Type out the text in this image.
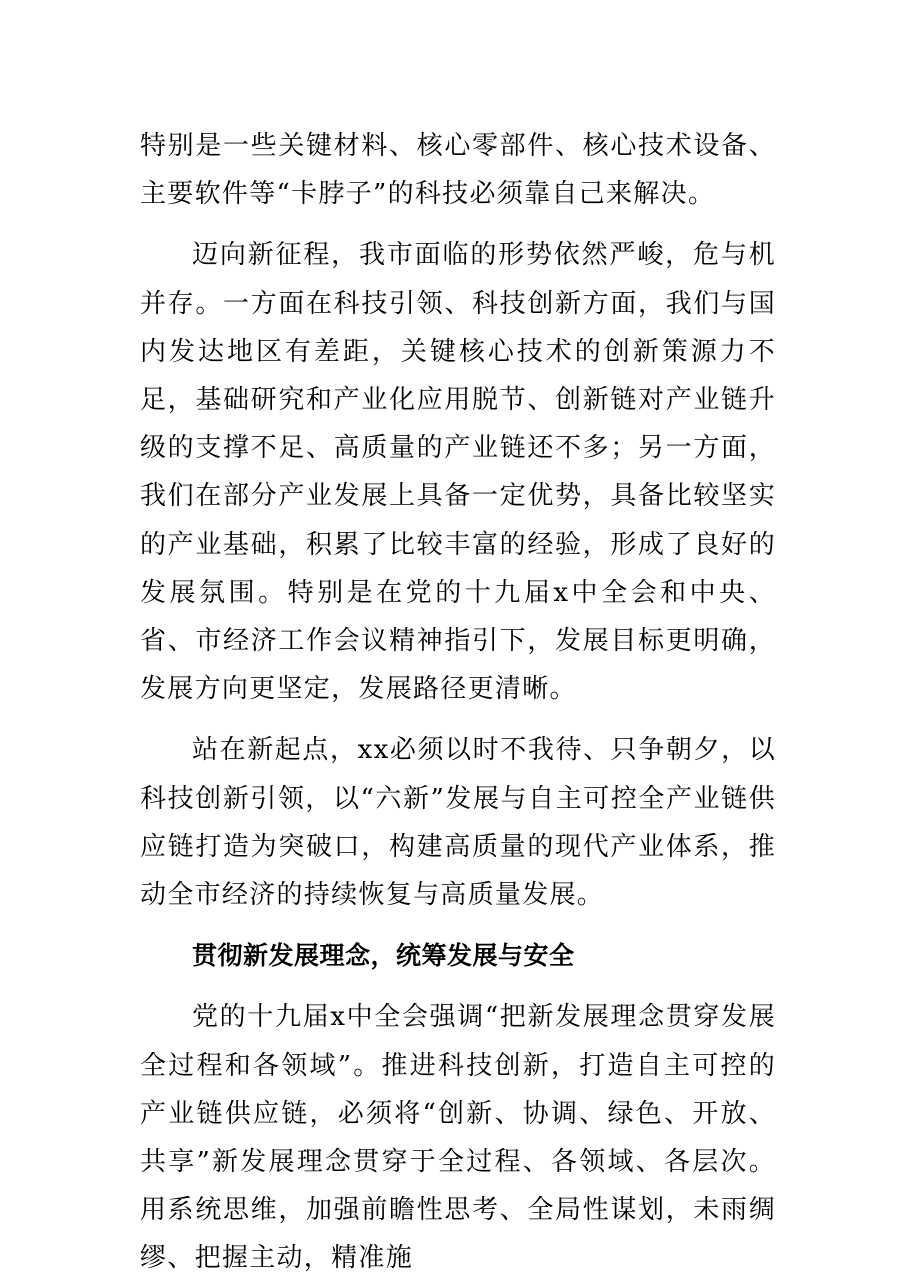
特别是一些关键材料、核心零部件、核心技术设备、主要软件等“卡脖子”的科技必须靠自己来解决。

迈向新征程，我市面临的形势依然严峻，危与机并存。一方面在科技引领、科技创新方面，我们与国内发达地区有差距，关键核心技术的创新策源力不足，基础研究和产业化应用脱节、创新链对产业链升级的支撑不足、高质量的产业链还不多；另一方面，我们在部分产业发展上具备一定优势，具备比较坚实的产业基础，积累了比较丰富的经验，形成了良好的发展氛围。特别是在党的十九届x中全会和中央、省、市经济工作会议精神指引下，发展目标更明确，发展方向更坚定，发展路径更清晰。

站在新起点，xx必须以时不我待、只争朝夕，以科技创新引领，以“六新”发展与自主可控全产业链供应链打造为突破口，构建高质量的现代产业体系，推动全市经济的持续恢复与高质量发展。

贯彻新发展理念，统筹发展与安全

党的十九届x中全会强调“把新发展理念贯穿发展全过程和各领域”。推进科技创新，打造自主可控的产业链供应链，必须将“创新、协调、绿色、开放、共享”新发展理念贯穿于全过程、各领域、各层次。用系统思维，加强前瞻性思考、全局性谋划，未雨绸缪、把握主动，精准施
